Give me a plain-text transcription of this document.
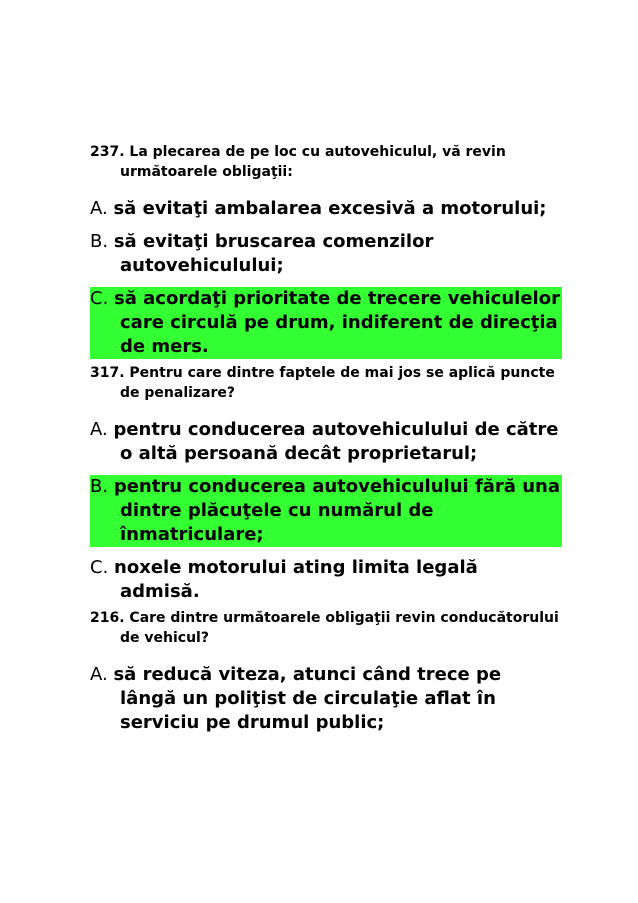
237. La plecarea de pe loc cu autovehiculul, vă revin următoarele obligaţii:

A. să evitaţi ambalarea excesivă a motorului;

B. să evitaţi bruscarea comenzilor autovehiculului;

C. să acordaţi prioritate de trecere vehiculelor care circulă pe drum, indiferent de direcţia de mers.

317. Pentru care dintre faptele de mai jos se aplică puncte de penalizare?

A. pentru conducerea autovehiculului de către o altă persoană decât proprietarul;

B. pentru conducerea autovehiculului fără una dintre plăcuţele cu numărul de înmatriculare;

C. noxele motorului ating limita legală admisă.

216. Care dintre următoarele obligaţii revin conducătorului de vehicul?

A. să reducă viteza, atunci când trece pe lângă un poliţist de circulaţie aflat în serviciu pe drumul public;
